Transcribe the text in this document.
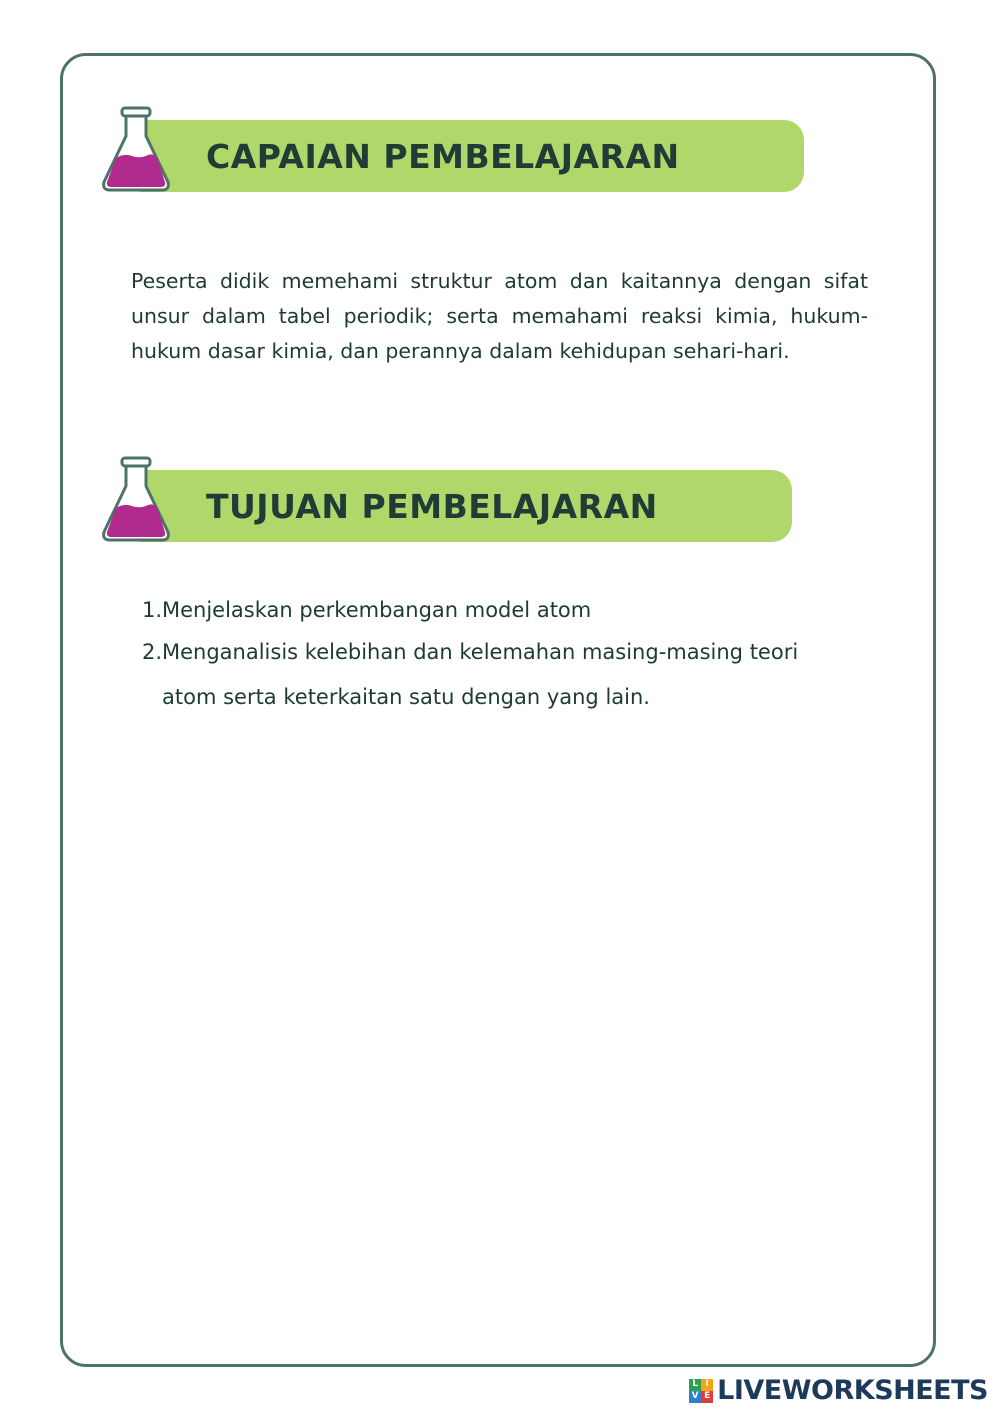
CAPAIAN PEMBELAJARAN

Peserta didik memehami struktur atom dan kaitannya dengan sifat unsur dalam tabel periodik; serta memahami reaksi kimia, hukum-hukum dasar kimia, dan perannya dalam kehidupan sehari-hari.

TUJUAN PEMBELAJARAN
1. Menjelaskan perkembangan model atom
2. Menganalisis kelebihan dan kelemahan masing-masing teori atom serta keterkaitan satu dengan yang lain.
L I
V E LIVEWORKSHEETS
